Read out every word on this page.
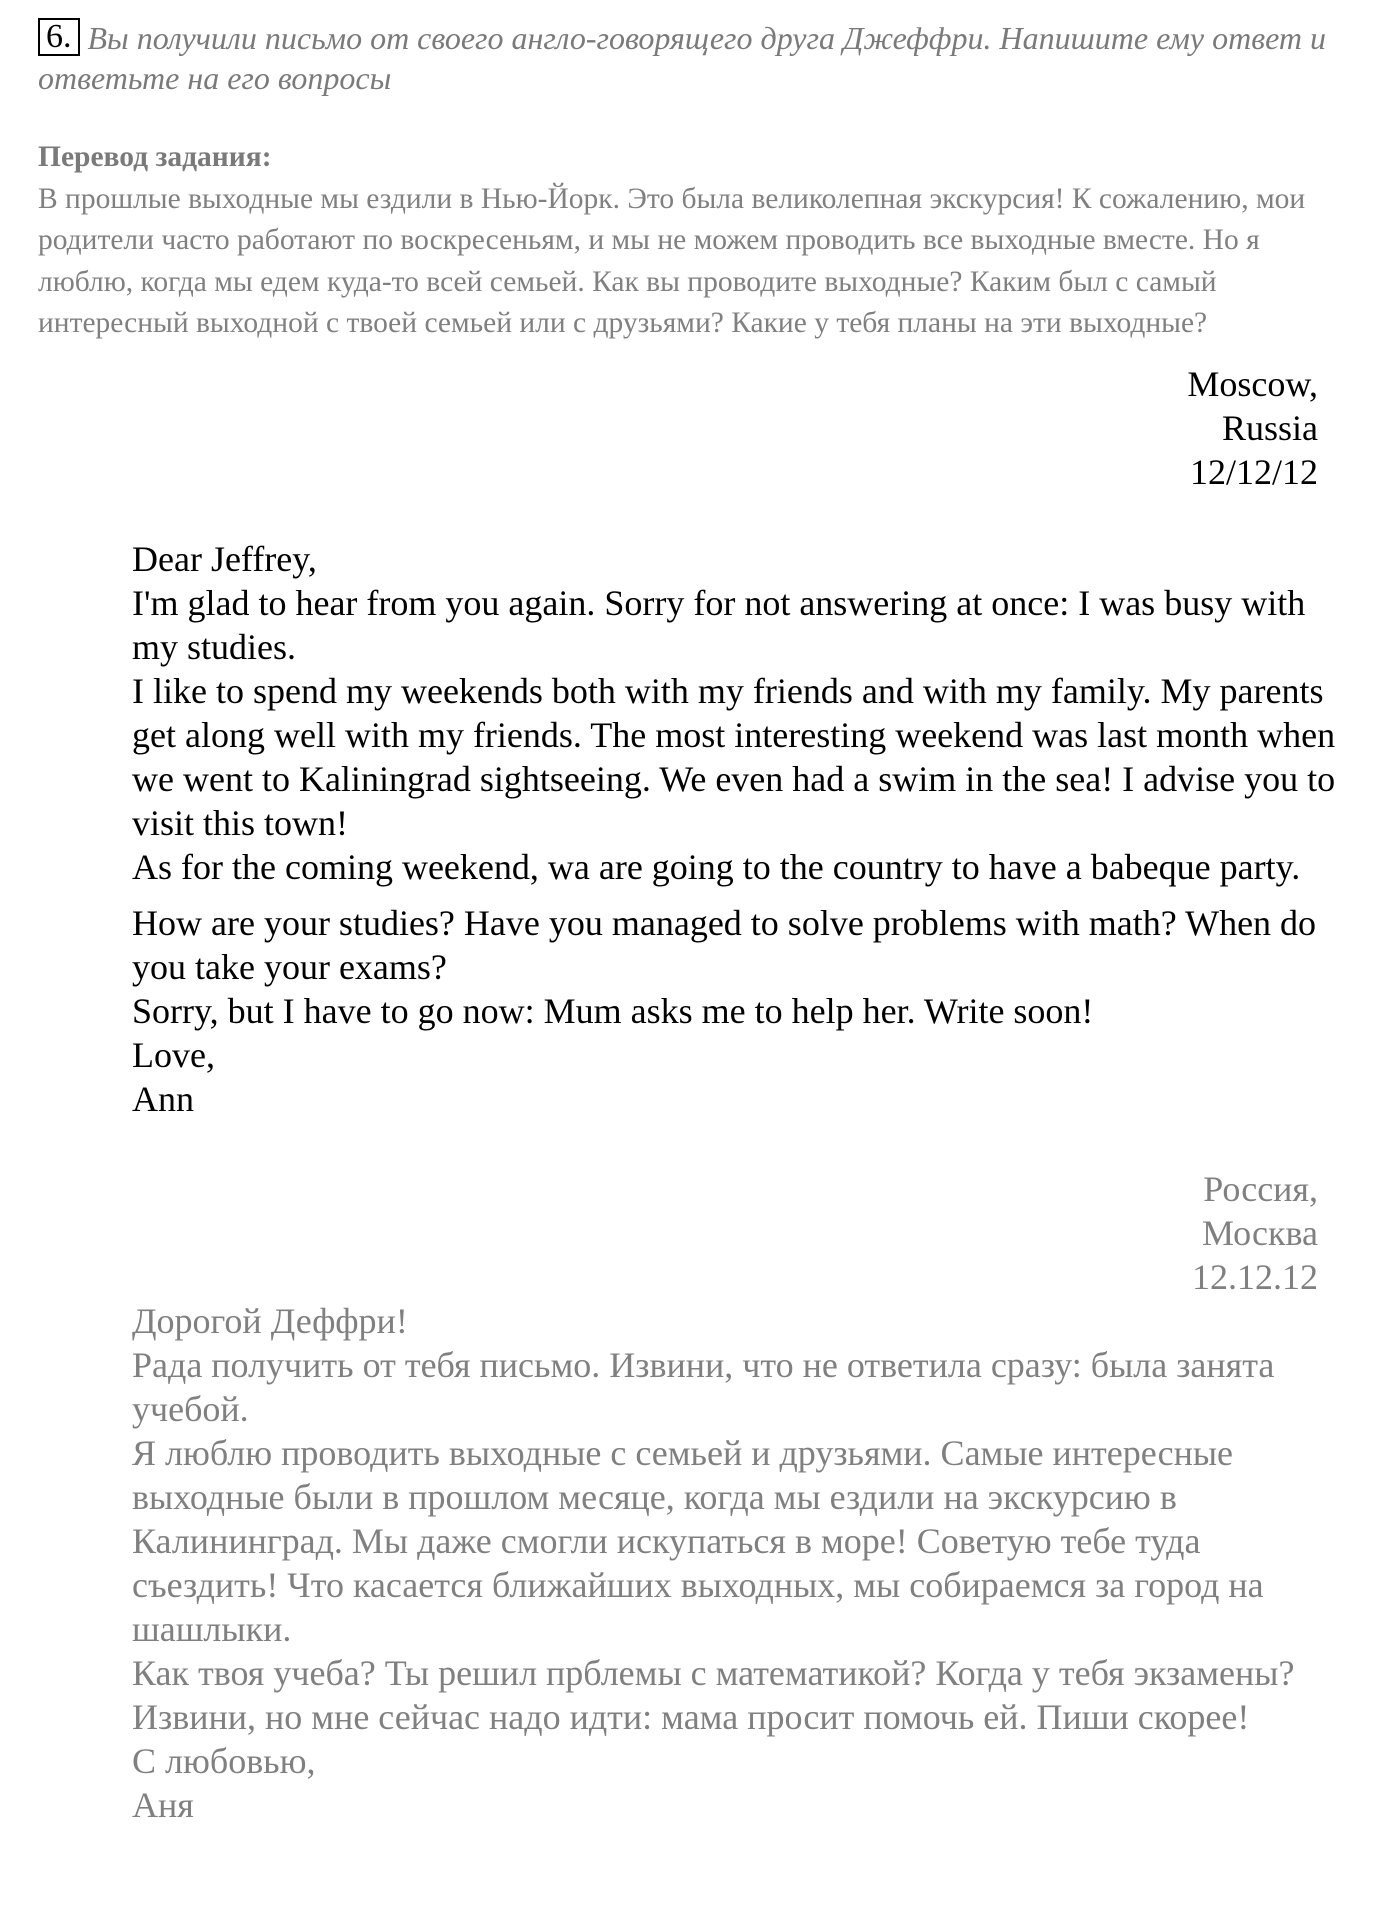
6. Вы получили письмо от своего англо-говорящего друга Джеффри. Напишите ему ответ и ответьте на его вопросы
Перевод задания:
В прошлые выходные мы ездили в Нью-Йорк. Это была великолепная экскурсия! К сожалению, мои родители часто работают по воскресеньям, и мы не можем проводить все выходные вместе. Но я люблю, когда мы едем куда-то всей семьей. Как вы проводите выходные? Каким был с самый интересный выходной с твоей семьей или с друзьями? Какие у тебя планы на эти выходные?
Moscow,
Russia
12/12/12

Dear Jeffrey,

I'm glad to hear from you again. Sorry for not answering at once: I was busy with my studies.

I like to spend my weekends both with my friends and with my family. My parents get along well with my friends. The most interesting weekend was last month when we went to Kaliningrad sightseeing. We even had a swim in the sea! I advise you to visit this town!

As for the coming weekend, wa are going to the country to have a babeque party.

How are your studies? Have you managed to solve problems with math? When do you take your exams?

Sorry, but I have to go now: Mum asks me to help her. Write soon!

Love,

Ann

Россия,
Москва
12.12.12

Дорогой Деффри!

Рада получить от тебя письмо. Извини, что не ответила сразу: была занята учебой.

Я люблю проводить выходные с семьей и друзьями. Самые интересные выходные были в прошлом месяце, когда мы ездили на экскурсию в Калининград. Мы даже смогли искупаться в море! Советую тебе туда съездить! Что касается ближайших выходных, мы собираемся за город на шашлыки.

Как твоя учеба? Ты решил прблемы с математикой? Когда у тебя экзамены?

Извини, но мне сейчас надо идти: мама просит помочь ей. Пиши скорее!

С любовью,

Аня
